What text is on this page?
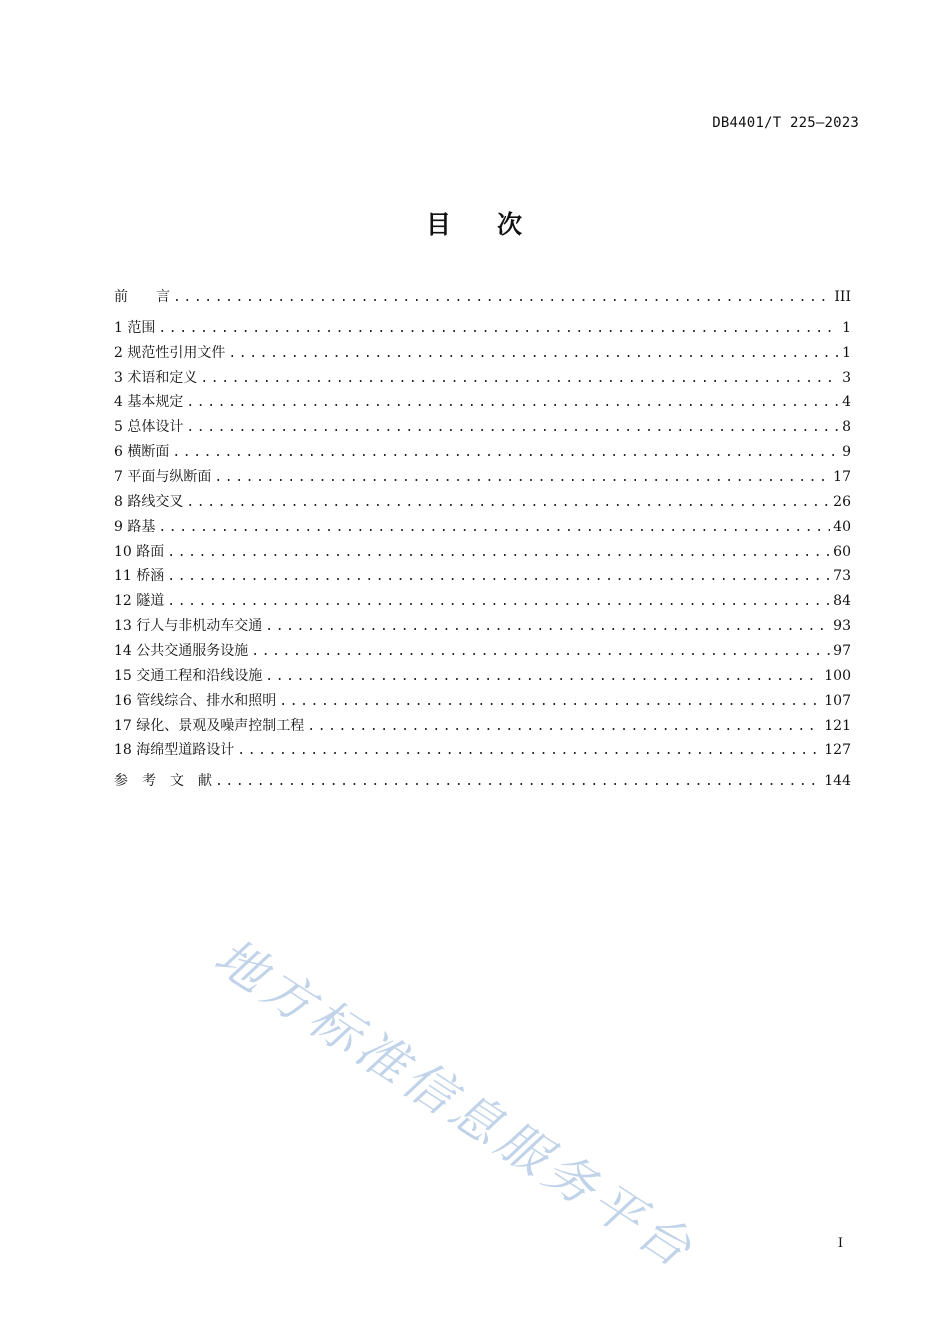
DB4401/T 225—2023
目 次
前　　言 .....	III
1 范围 .....	1
2 规范性引用文件 .....	1
3 术语和定义 .....	3
4 基本规定 .....	4
5 总体设计 .....	8
6 横断面 .....	9
7 平面与纵断面 .....	17
8 路线交叉 .....	26
9 路基 .....	40
10 路面 .....	60
11 桥涵 .....	73
12 隧道 .....	84
13 行人与非机动车交通 .....	93
14 公共交通服务设施 .....	97
15 交通工程和沿线设施 .....	100
16 管线综合、排水和照明 .....	107
17 绿化、景观及噪声控制工程 .....	121
18 海绵型道路设计 .....	127
参　考　文　献 .....	144
地方标准信息服务平台	I
